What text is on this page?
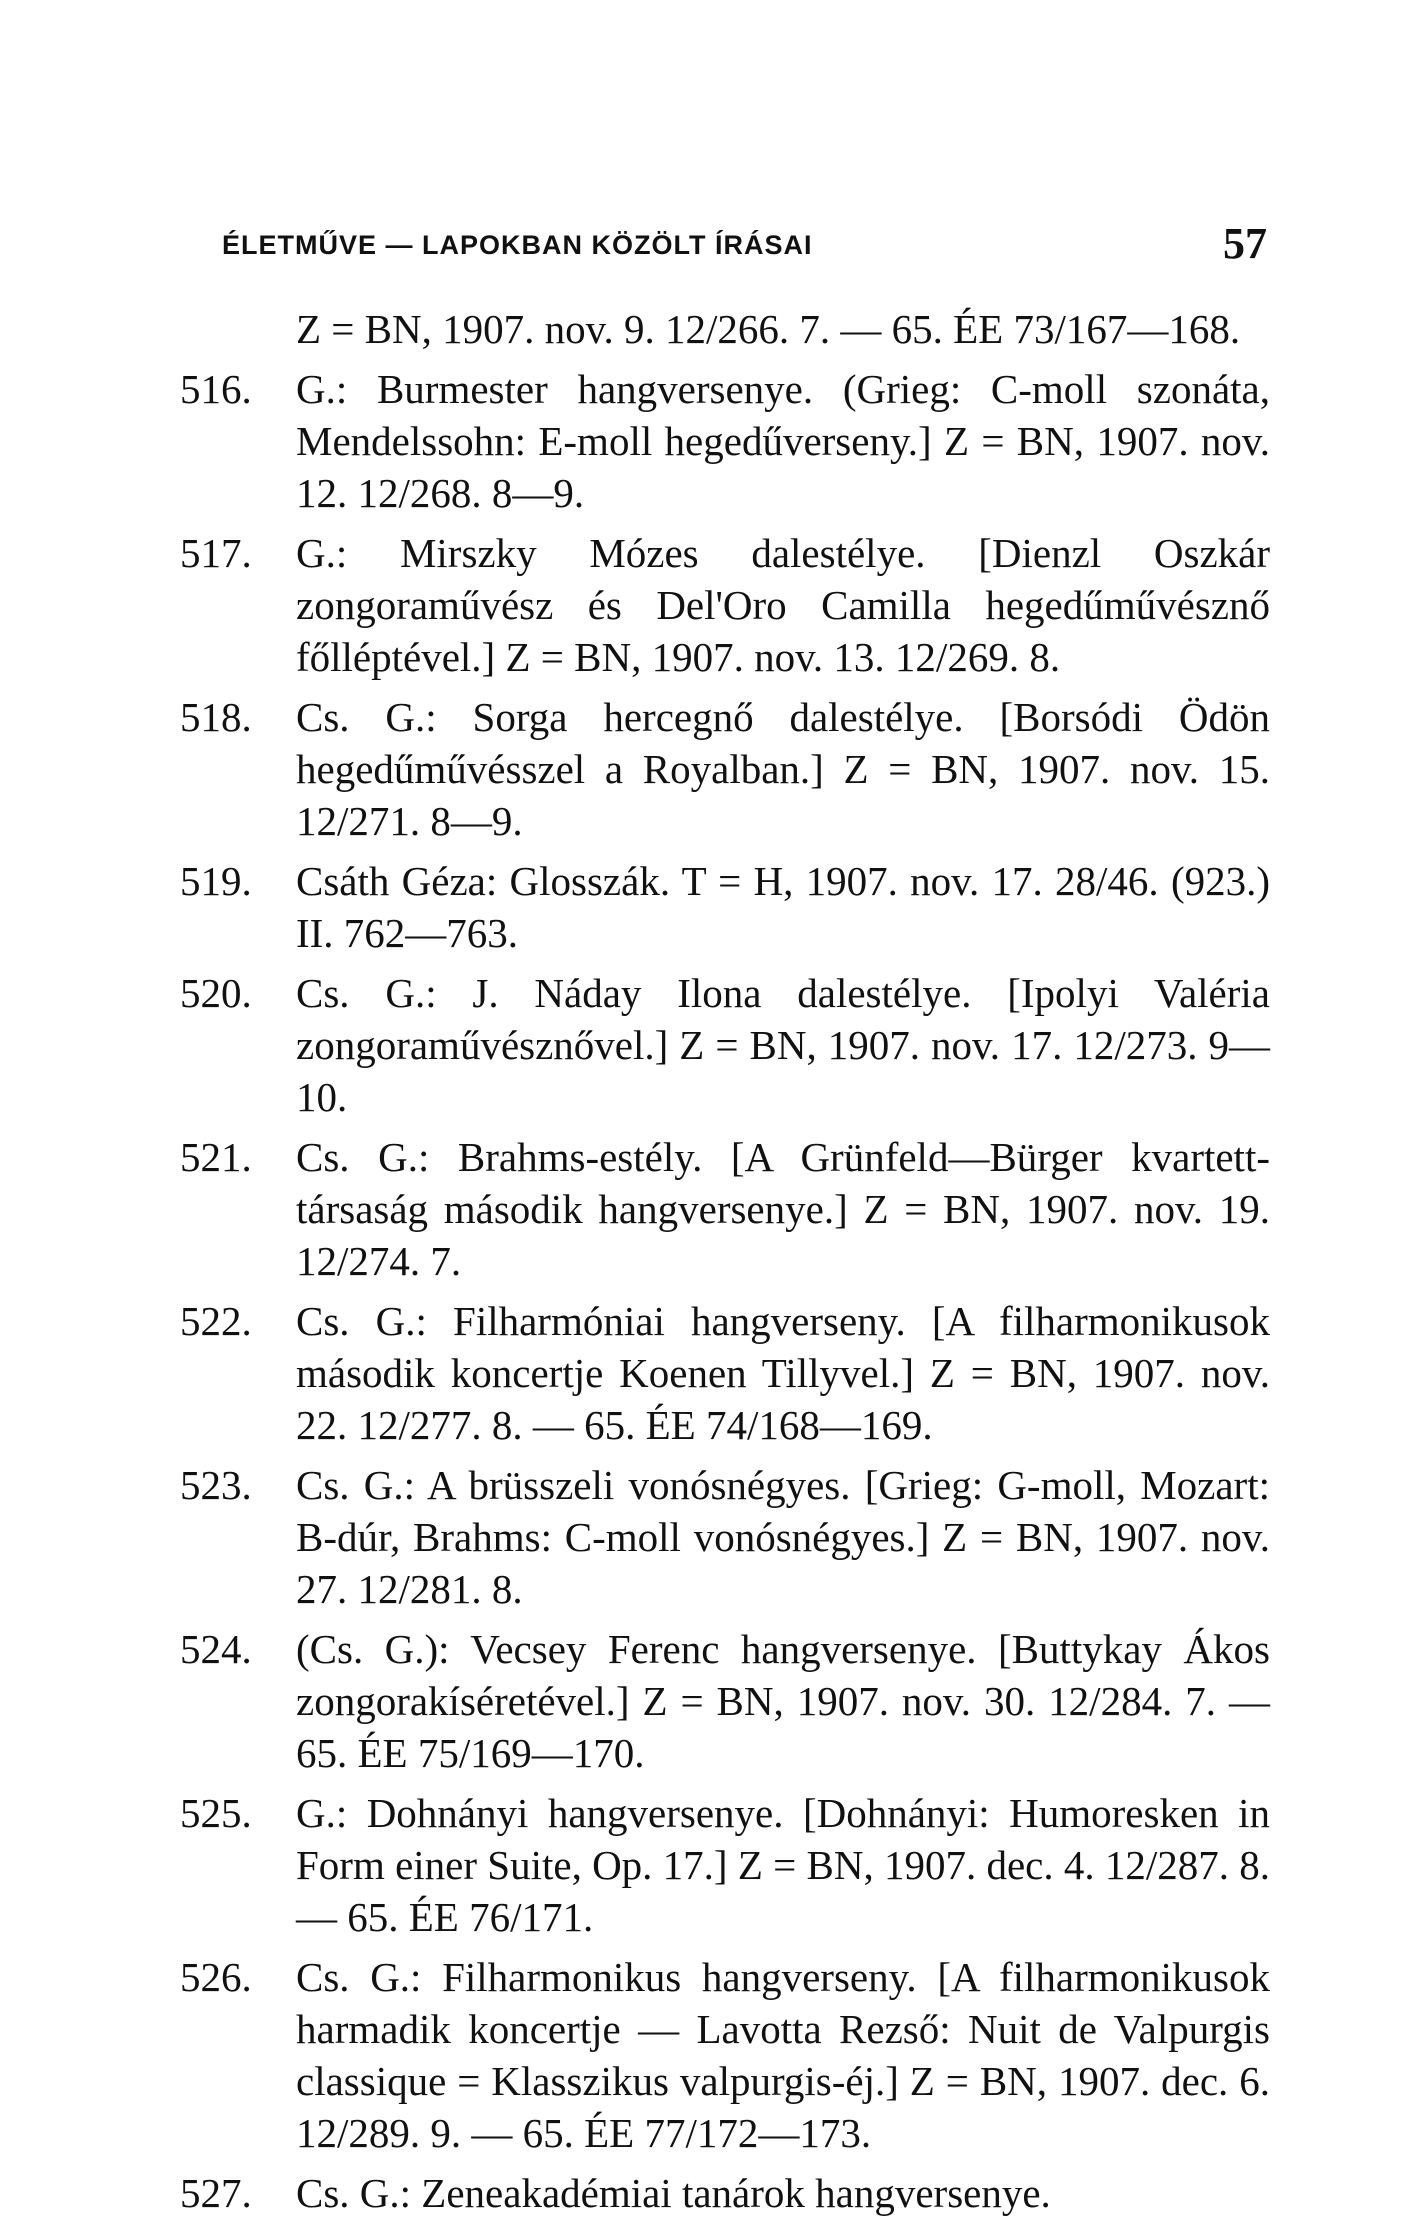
ÉLETMŰVE — LAPOKBAN KÖZÖLT ÍRÁSAI	57
Z = BN, 1907. nov. 9. 12/266. 7. — 65. ÉE 73/167—168.
516.	G.: Burmester hangversenye. (Grieg: C-moll szonáta, Mendelssohn: E-moll hegedűverseny.] Z = BN, 1907. nov. 12. 12/268. 8—9.
517.	G.: Mirszky Mózes dalestélye. [Dienzl Oszkár zongoraművész és Del'Oro Camilla hegedűművésznő főlléptével.] Z = BN, 1907. nov. 13. 12/269. 8.
518.	Cs. G.: Sorga hercegnő dalestélye. [Borsódi Ödön hegedűművésszel a Royalban.] Z = BN, 1907. nov. 15. 12/271. 8—9.
519.	Csáth Géza: Glosszák. T = H, 1907. nov. 17. 28/46. (923.) II. 762—763.
520.	Cs. G.: J. Náday Ilona dalestélye. [Ipolyi Valéria zongoraművésznővel.] Z = BN, 1907. nov. 17. 12/273. 9—10.
521.	Cs. G.: Brahms-estély. [A Grünfeld—Bürger kvartett-társaság második hangversenye.] Z = BN, 1907. nov. 19. 12/274. 7.
522.	Cs. G.: Filharmóniai hangverseny. [A filharmonikusok második koncertje Koenen Tillyvel.] Z = BN, 1907. nov. 22. 12/277. 8. — 65. ÉE 74/168—169.
523.	Cs. G.: A brüsszeli vonósnégyes. [Grieg: G-moll, Mozart: B-dúr, Brahms: C-moll vonósnégyes.] Z = BN, 1907. nov. 27. 12/281. 8.
524.	(Cs. G.): Vecsey Ferenc hangversenye. [Buttykay Ákos zongorakíséretével.] Z = BN, 1907. nov. 30. 12/284. 7. — 65. ÉE 75/169—170.
525.	G.: Dohnányi hangversenye. [Dohnányi: Humoresken in Form einer Suite, Op. 17.] Z = BN, 1907. dec. 4. 12/287. 8. — 65. ÉE 76/171.
526.	Cs. G.: Filharmonikus hangverseny. [A filharmonikusok harmadik koncertje — Lavotta Rezső: Nuit de Valpurgis classique = Klasszikus valpurgis-éj.] Z = BN, 1907. dec. 6. 12/289. 9. — 65. ÉE 77/172—173.
527.	Cs. G.: Zeneakadémiai tanárok hangversenye.
